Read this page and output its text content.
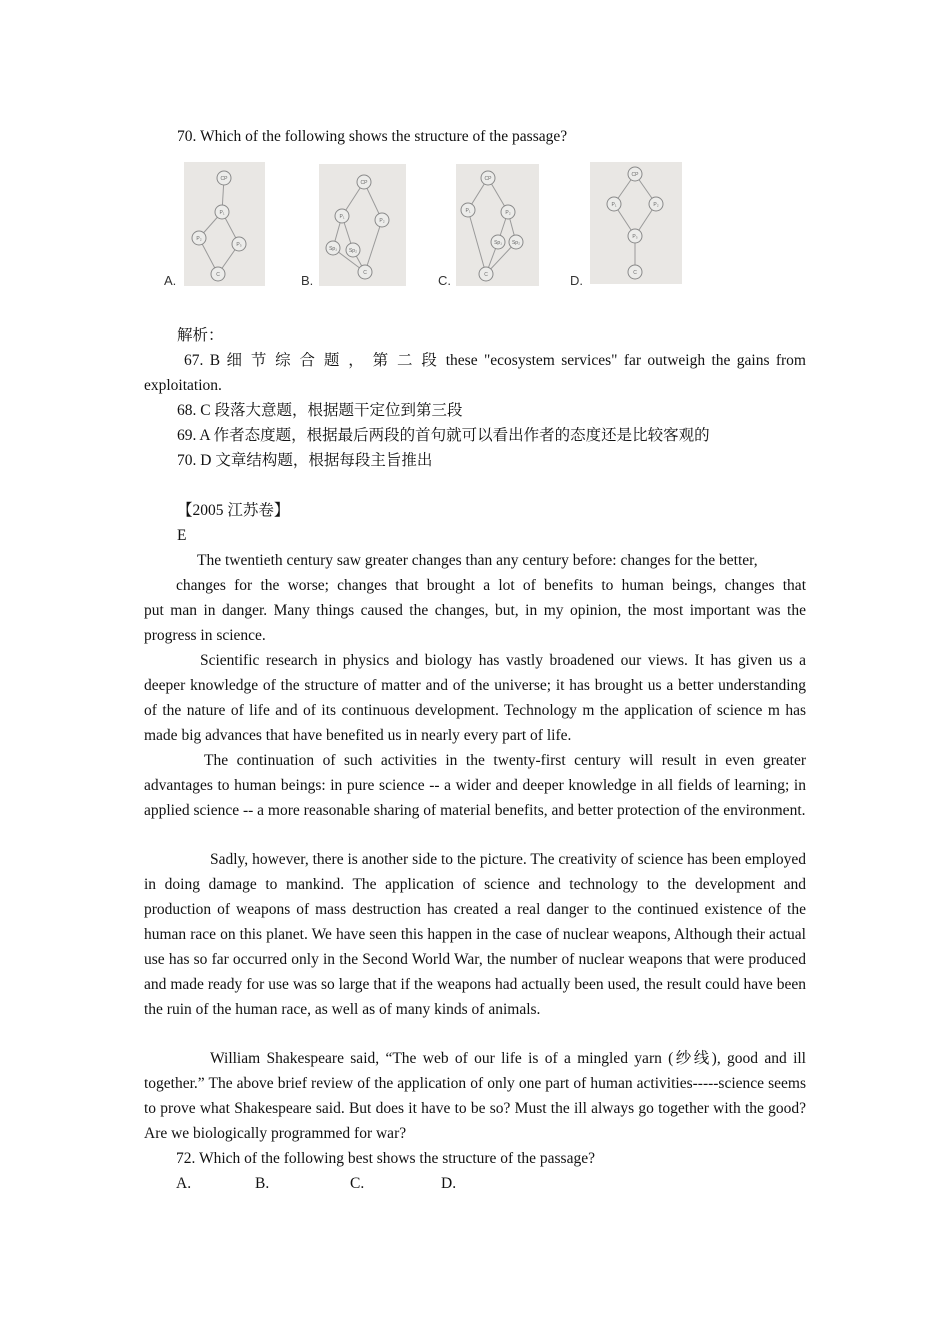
70. Which of the following shows the structure of the passage?
A.
CP
P₁
P₂
P₃
C	B.
CP
P₁
P₂
Sp₁ Sp₂
C	C.
CP
P₁	P₂
Sp₁ Sp₂
C	D.
CP
P₁	P₂
P₃
C
解析：
67. B 细 节 综 合 题 ， 第 二 段 these "ecosystem services" far outweigh the gains from exploitation.
68. C 段落大意题，根据题干定位到第三段
69. A 作者态度题，根据最后两段的首句就可以看出作者的态度还是比较客观的
70. D 文章结构题，根据每段主旨推出
【2005 江苏卷】
E
The twentieth century saw greater changes than any century before: changes for the better,
changes for the worse; changes that brought a lot of benefits to human beings, changes that
put man in danger. Many things caused the changes, but, in my opinion, the most important was the progress in science.
Scientific research in physics and biology has vastly broadened our views. It has given us a deeper knowledge of the structure of matter and of the universe; it has brought us a better understanding of the nature of life and of its continuous development. Technology m the application of science m has made big advances that have benefited us in nearly every part of life.
The continuation of such activities in the twenty-first century will result in even greater advantages to human beings: in pure science -- a wider and deeper knowledge in all fields of learning; in applied science -- a more reasonable sharing of material benefits, and better protection of the environment.
Sadly, however, there is another side to the picture. The creativity of science has been employed in doing damage to mankind. The application of science and technology to the development and production of weapons of mass destruction has created a real danger to the continued existence of the human race on this planet. We have seen this happen in the case of nuclear weapons, Although their actual use has so far occurred only in the Second World War, the number of nuclear weapons that were produced and made ready for use was so large that if the weapons had actually been used, the result could have been the ruin of the human race, as well as of many kinds of animals.
William Shakespeare said, “The web of our life is of a mingled yarn (纱线), good and ill together.” The above brief review of the application of only one part of human activities-----science seems to prove what Shakespeare said. But does it have to be so? Must the ill always go together with the good? Are we biologically programmed for war?
72. Which of the following best shows the structure of the passage?
A.	B.	C.	D.
